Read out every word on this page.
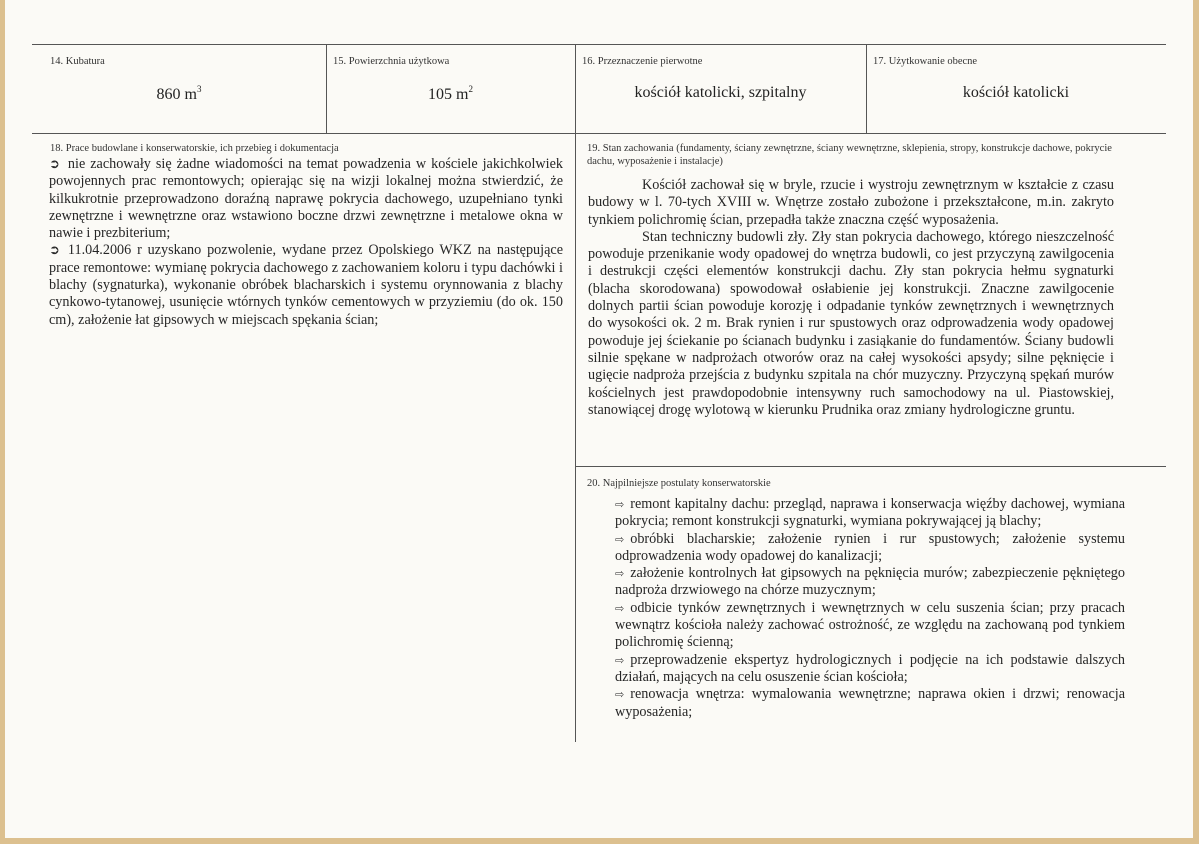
14. Kubatura
860 $m^3$
15. Powierzchnia użytkowa
105 $m^2$
16. Przeznaczenie pierwotne
kościół katolicki, szpitalny
17. Użytkowanie obecne
kościół katolicki
18. Prace budowlane i konserwatorskie, ich przebieg i dokumentacja

➲ nie zachowały się żadne wiadomości na temat powadzenia w kościele jakichkolwiek powojennych prac remontowych; opierając się na wizji lokalnej można stwierdzić, że kilkukrotnie przeprowadzono doraźną naprawę pokrycia dachowego, uzupełniano tynki zewnętrzne i wewnętrzne oraz wstawiono boczne drzwi zewnętrzne i metalowe okna w nawie i prezbiterium;

➲ 11.04.2006 r uzyskano pozwolenie, wydane przez Opolskiego WKZ na następujące prace remontowe: wymianę pokrycia dachowego z zachowaniem koloru i typu dachówki i blachy (sygnaturka), wykonanie obróbek blacharskich i systemu orynnowania z blachy cynkowo-tytanowej, usunięcie wtórnych tynków cementowych w przyziemiu (do ok. 150 cm), założenie łat gipsowych w miejscach spękania ścian;

19. Stan zachowania (fundamenty, ściany zewnętrzne, ściany wewnętrzne, sklepienia, stropy, konstrukcje dachowe, pokrycie dachu, wyposażenie i instalacje)

Kościół zachował się w bryle, rzucie i wystroju zewnętrznym w kształcie z czasu budowy w l. 70-tych XVIII w. Wnętrze zostało zubożone i przekształcone, m.in. zakryto tynkiem polichromię ścian, przepadła także znaczna część wyposażenia.

Stan techniczny budowli zły. Zły stan pokrycia dachowego, którego nieszczelność powoduje przenikanie wody opadowej do wnętrza budowli, co jest przyczyną zawilgocenia i destrukcji części elementów konstrukcji dachu. Zły stan pokrycia hełmu sygnaturki (blacha skorodowana) spowodował osłabienie jej konstrukcji. Znaczne zawilgocenie dolnych partii ścian powoduje korozję i odpadanie tynków zewnętrznych i wewnętrznych do wysokości ok. 2 m. Brak rynien i rur spustowych oraz odprowadzenia wody opadowej powoduje jej ściekanie po ścianach budynku i zasiąkanie do fundamentów. Ściany budowli silnie spękane w nadprożach otworów oraz na całej wysokości apsydy; silne pęknięcie i ugięcie nadproża przejścia z budynku szpitala na chór muzyczny. Przyczyną spękań murów kościelnych jest prawdopodobnie intensywny ruch samochodowy na ul. Piastowskiej, stanowiącej drogę wylotową w kierunku Prudnika oraz zmiany hydrologiczne gruntu.

20. Najpilniejsze postulaty konserwatorskie

⇨ remont kapitalny dachu: przegląd, naprawa i konserwacja więźby dachowej, wymiana pokrycia; remont konstrukcji sygnaturki, wymiana pokrywającej ją blachy;

⇨ obróbki blacharskie; założenie rynien i rur spustowych; założenie systemu odprowadzenia wody opadowej do kanalizacji;

⇨ założenie kontrolnych łat gipsowych na pęknięcia murów; zabezpieczenie pękniętego nadproża drzwiowego na chórze muzycznym;

⇨ odbicie tynków zewnętrznych i wewnętrznych w celu suszenia ścian; przy pracach wewnątrz kościoła należy zachować ostrożność, ze względu na zachowaną pod tynkiem polichromię ścienną;

⇨ przeprowadzenie ekspertyz hydrologicznych i podjęcie na ich podstawie dalszych działań, mających na celu osuszenie ścian kościoła;

⇨ renowacja wnętrza: wymalowania wewnętrzne; naprawa okien i drzwi; renowacja wyposażenia;
